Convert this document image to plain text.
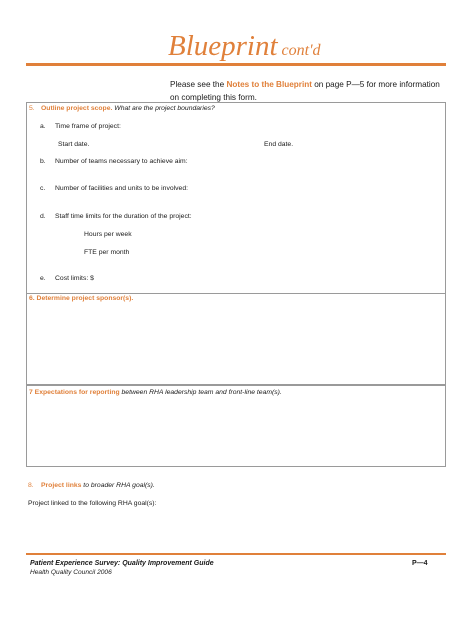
Blueprint cont'd
Please see the Notes to the Blueprint on page P—5 for more information on completing this form.
5. Outline project scope. What are the project boundaries?
a. Time frame of project:
Start date.	End date.
b. Number of teams necessary to achieve aim:
c. Number of facilities and units to be involved:
d. Staff time limits for the duration of the project:
Hours per week
FTE per month
e. Cost limits: $
6. Determine project sponsor(s).
7 Expectations for reporting between RHA leadership team and front-line team(s).
8. Project links to broader RHA goal(s).
Project linked to the following RHA goal(s):
Patient Experience Survey: Quality Improvement Guide
Health Quality Council 2006
P—4
